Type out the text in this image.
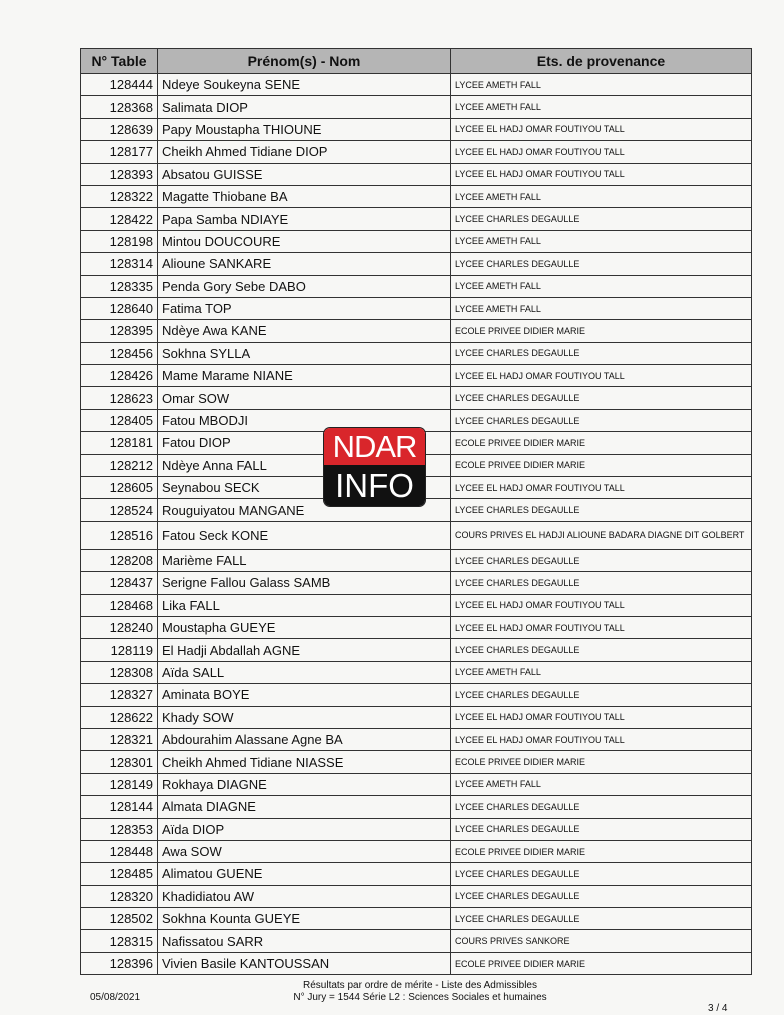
N° Table	Prénom(s) - Nom	Ets. de provenance
128444	Ndeye Soukeyna SENE	LYCEE AMETH FALL
128368	Salimata DIOP	LYCEE AMETH FALL
128639	Papy Moustapha THIOUNE	LYCEE EL HADJ OMAR FOUTIYOU TALL
128177	Cheikh Ahmed Tidiane DIOP	LYCEE EL HADJ OMAR FOUTIYOU TALL
128393	Absatou GUISSE	LYCEE EL HADJ OMAR FOUTIYOU TALL
128322	Magatte Thiobane BA	LYCEE AMETH FALL
128422	Papa Samba NDIAYE	LYCEE CHARLES DEGAULLE
128198	Mintou DOUCOURE	LYCEE AMETH FALL
128314	Alioune SANKARE	LYCEE CHARLES DEGAULLE
128335	Penda Gory Sebe DABO	LYCEE AMETH FALL
128640	Fatima TOP	LYCEE AMETH FALL
128395	Ndèye Awa KANE	ECOLE PRIVEE DIDIER MARIE
128456	Sokhna SYLLA	LYCEE CHARLES DEGAULLE
128426	Mame Marame NIANE	LYCEE EL HADJ OMAR FOUTIYOU TALL
128623	Omar SOW	LYCEE CHARLES DEGAULLE
128405	Fatou MBODJI	LYCEE CHARLES DEGAULLE
128181	Fatou DIOP	ECOLE PRIVEE DIDIER MARIE
128212	Ndèye Anna FALL	ECOLE PRIVEE DIDIER MARIE
128605	Seynabou SECK	LYCEE EL HADJ OMAR FOUTIYOU TALL
128524	Rouguiyatou MANGANE	LYCEE CHARLES DEGAULLE
128516	Fatou Seck KONE	COURS PRIVES EL HADJI ALIOUNE BADARA DIAGNE DIT GOLBERT
128208	Marième FALL	LYCEE CHARLES DEGAULLE
128437	Serigne Fallou Galass SAMB	LYCEE CHARLES DEGAULLE
128468	Lika FALL	LYCEE EL HADJ OMAR FOUTIYOU TALL
128240	Moustapha GUEYE	LYCEE EL HADJ OMAR FOUTIYOU TALL
128119	El Hadji Abdallah AGNE	LYCEE CHARLES DEGAULLE
128308	Aïda SALL	LYCEE AMETH FALL
128327	Aminata BOYE	LYCEE CHARLES DEGAULLE
128622	Khady SOW	LYCEE EL HADJ OMAR FOUTIYOU TALL
128321	Abdourahim Alassane Agne BA	LYCEE EL HADJ OMAR FOUTIYOU TALL
128301	Cheikh Ahmed Tidiane NIASSE	ECOLE PRIVEE DIDIER MARIE
128149	Rokhaya DIAGNE	LYCEE AMETH FALL
128144	Almata DIAGNE	LYCEE CHARLES DEGAULLE
128353	Aïda DIOP	LYCEE CHARLES DEGAULLE
128448	Awa SOW	ECOLE PRIVEE DIDIER MARIE
128485	Alimatou GUENE	LYCEE CHARLES DEGAULLE
128320	Khadidiatou AW	LYCEE CHARLES DEGAULLE
128502	Sokhna Kounta GUEYE	LYCEE CHARLES DEGAULLE
128315	Nafissatou SARR	COURS PRIVES SANKORE
128396	Vivien Basile KANTOUSSAN	ECOLE PRIVEE DIDIER MARIE
NDAR
INFO
05/08/2021
Résultats par ordre de mérite - Liste des Admissibles
N° Jury = 1544 Série L2 : Sciences Sociales et humaines
3 / 4
